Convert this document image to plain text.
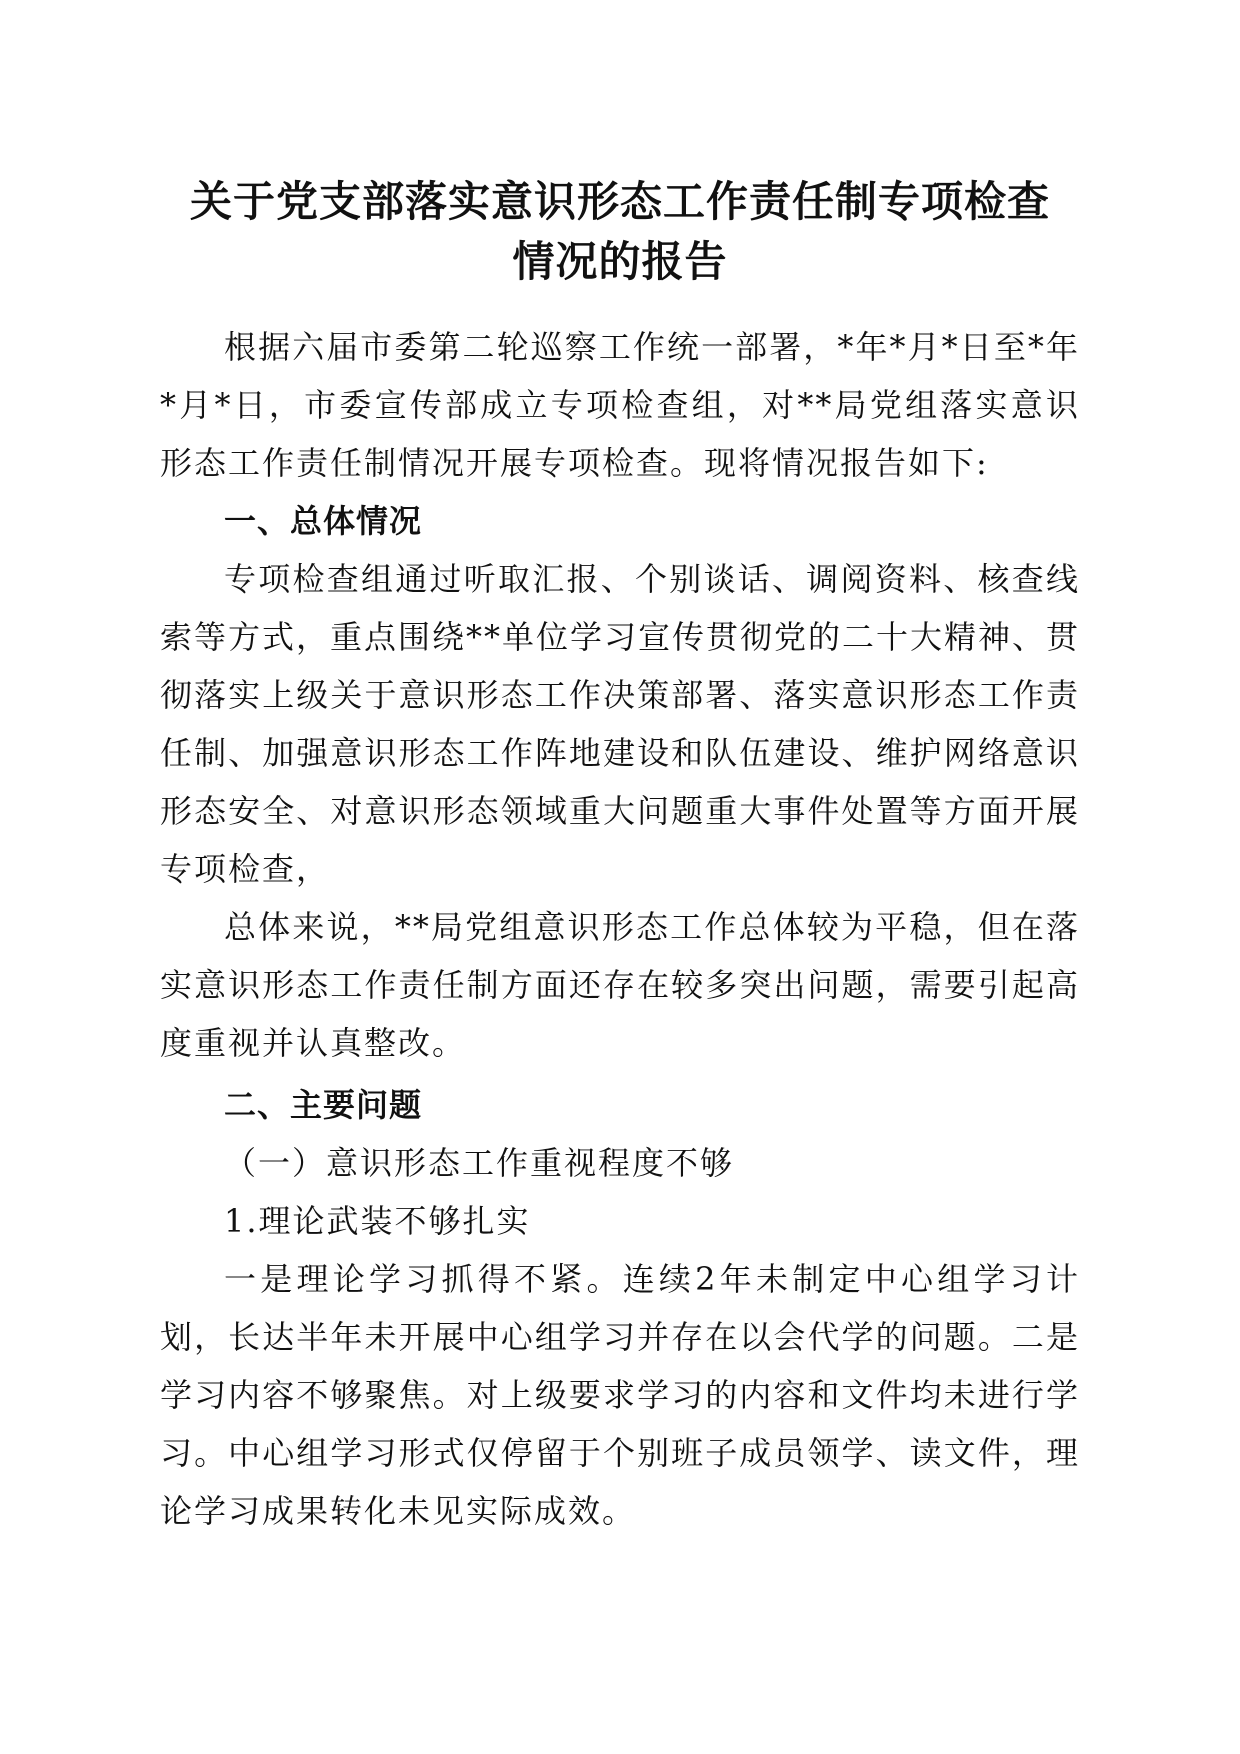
关于党支部落实意识形态工作责任制专项检查
情况的报告

根据六届市委第二轮巡察工作统一部署，*年*月*日至*年*月*日，市委宣传部成立专项检查组，对**局党组落实意识形态工作责任制情况开展专项检查。现将情况报告如下:

一、总体情况

专项检查组通过听取汇报、个别谈话、调阅资料、核查线索等方式，重点围绕**单位学习宣传贯彻党的二十大精神、贯彻落实上级关于意识形态工作决策部署、落实意识形态工作责任制、加强意识形态工作阵地建设和队伍建设、维护网络意识形态安全、对意识形态领域重大问题重大事件处置等方面开展专项检查，

总体来说，**局党组意识形态工作总体较为平稳，但在落实意识形态工作责任制方面还存在较多突出问题，需要引起高度重视并认真整改。

二、主要问题

（一）意识形态工作重视程度不够

1.理论武装不够扎实

一是理论学习抓得不紧。连续2年未制定中心组学习计划，长达半年未开展中心组学习并存在以会代学的问题。二是学习内容不够聚焦。对上级要求学习的内容和文件均未进行学习。中心组学习形式仅停留于个别班子成员领学、读文件，理论学习成果转化未见实际成效。
